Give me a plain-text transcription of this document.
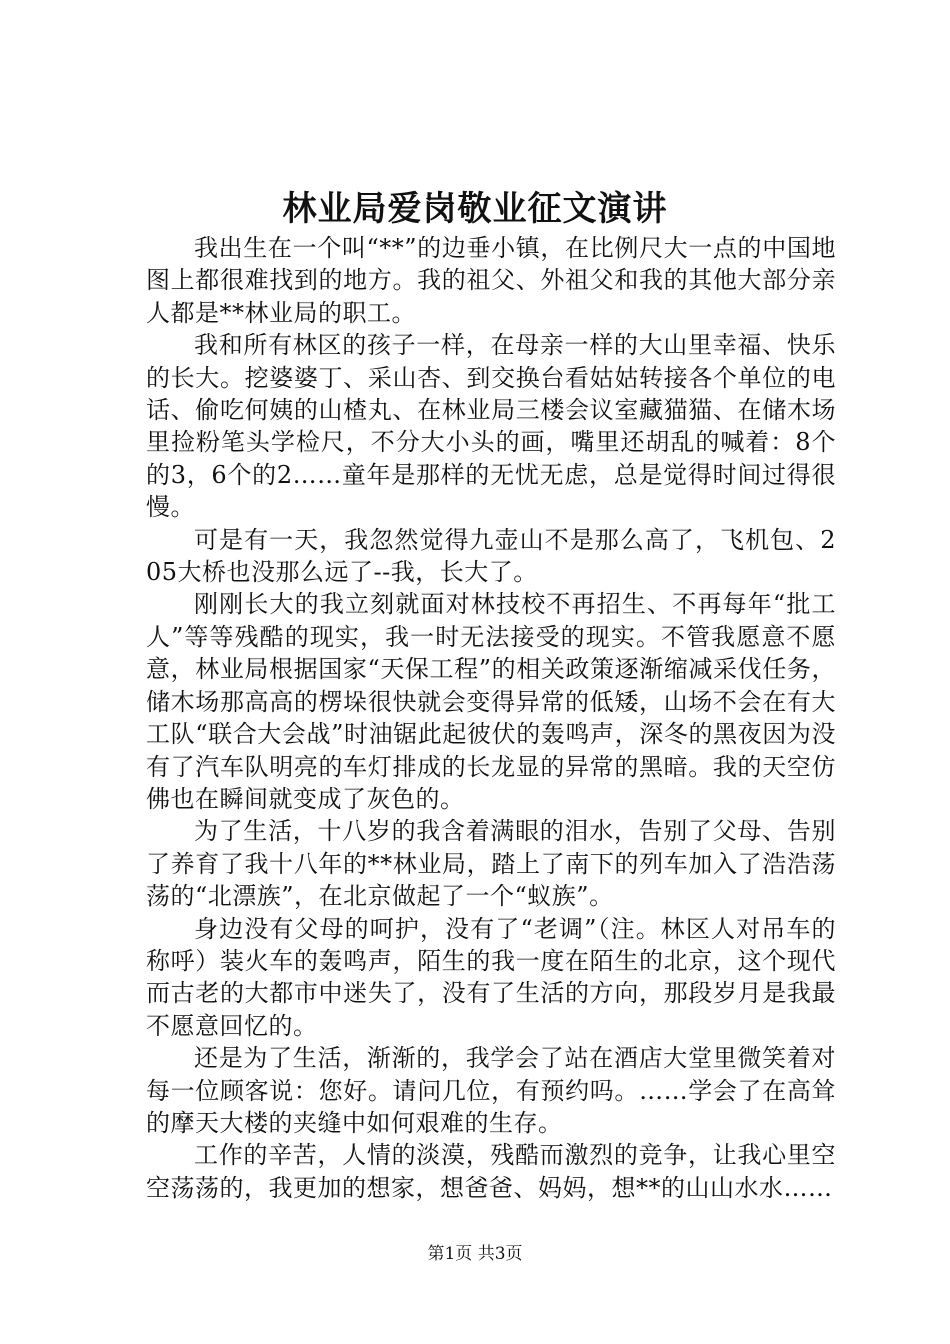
林业局爱岗敬业征文演讲

我出生在一个叫“**”的边垂小镇，在比例尺大一点的中国地图上都很难找到的地方。我的祖父、外祖父和我的其他大部分亲人都是**林业局的职工。

我和所有林区的孩子一样，在母亲一样的大山里幸福、快乐的长大。挖婆婆丁、采山杏、到交换台看姑姑转接各个单位的电话、偷吃何姨的山楂丸、在林业局三楼会议室藏猫猫、在储木场里捡粉笔头学检尺，不分大小头的画，嘴里还胡乱的喊着：8个的3，6个的2……童年是那样的无忧无虑，总是觉得时间过得很慢。

可是有一天，我忽然觉得九壶山不是那么高了，飞机包、205大桥也没那么远了--我，长大了。

刚刚长大的我立刻就面对林技校不再招生、不再每年“批工人”等等残酷的现实，我一时无法接受的现实。不管我愿意不愿意，林业局根据国家“天保工程”的相关政策逐渐缩减采伐任务，储木场那高高的楞垛很快就会变得异常的低矮，山场不会在有大工队“联合大会战”时油锯此起彼伏的轰鸣声，深冬的黑夜因为没有了汽车队明亮的车灯排成的长龙显的异常的黑暗。我的天空仿佛也在瞬间就变成了灰色的。

为了生活，十八岁的我含着满眼的泪水，告别了父母、告别了养育了我十八年的**林业局，踏上了南下的列车加入了浩浩荡荡的“北漂族”，在北京做起了一个“蚁族”。

身边没有父母的呵护，没有了“老调”（注。林区人对吊车的称呼）装火车的轰鸣声，陌生的我一度在陌生的北京，这个现代而古老的大都市中迷失了，没有了生活的方向，那段岁月是我最不愿意回忆的。

还是为了生活，渐渐的，我学会了站在酒店大堂里微笑着对每一位顾客说：您好。请问几位，有预约吗。……学会了在高耸的摩天大楼的夹缝中如何艰难的生存。

工作的辛苦，人情的淡漠，残酷而激烈的竞争，让我心里空空荡荡的，我更加的想家，想爸爸、妈妈，想**的山山水水……

第1页 共3页
